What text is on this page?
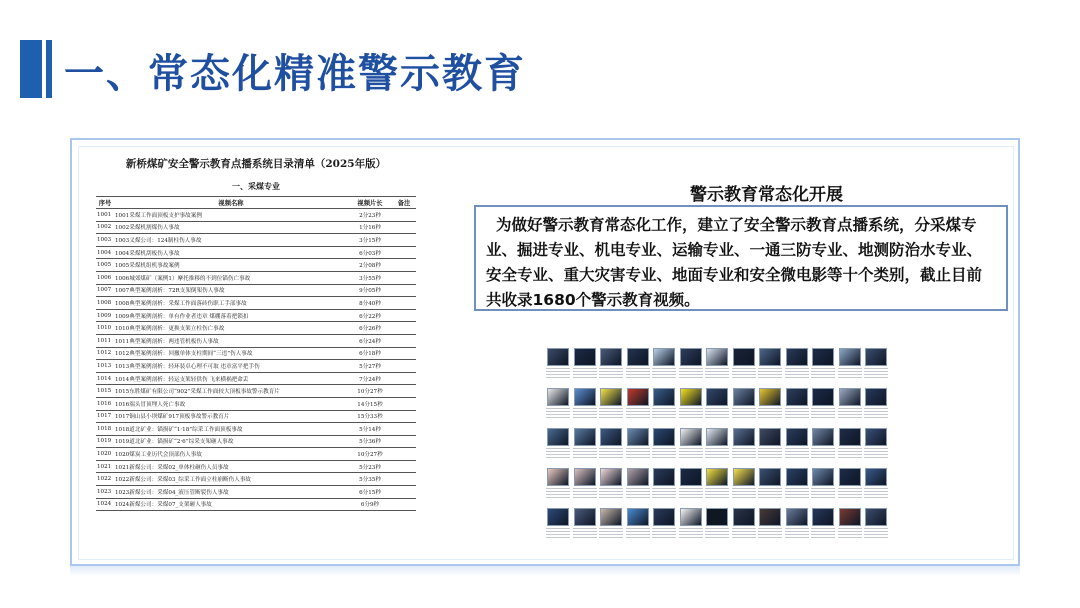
一、常态化精准警示教育
新桥煤矿安全警示教育点播系统目录清单（2025年版）
一、采煤专业
序号	视频名称	视频片长	备注
1001	1001采煤工作面顶板支护事故案例	2分23秒	
1002	1002采煤机割煤伤人事故	1分16秒	
1003	1003义煤公司：124制柱伤人事故	3分15秒	
1004	1004采煤机刮板伤人事故	6分03秒	
1005	1005采煤机组机事故案例	2分08秒	
1006	1006城郊煤矿（案例1）摩托推移的不到位锚伤亡事故	3分55秒	
1007	1007典型案例剖析：72R支架倒架伤人事故	9分05秒	
1008	1008典型案例剖析：采煤工作面落砖伤职工手部事故	8分40秒	
1009	1009典型案例剖析：单有作业者违章 煤棚落着把锁扣	6分22秒	
1010	1010典型案例剖析：更换支架立柱伤亡事故	6分26秒	
1011	1011典型案例剖析：两违管机板伤人事故	6分24秒	
1012	1012典型案例剖析：回撤单体支柱期间“三违”伤人事故	6分18秒	
1013	1013典型案例剖析：轻环装卓心理不可取 违章富平把手伤	5分27秒	
1014	1014典型案例剖析：轻运支架轻供伤 飞来横祸把命丢	7分24秒	
1015	1015东胜煤矿有限公司“902”采煤工作面较大顶板事故警示教育片	10分27秒	
1016	1016端头冒顶埋人死亡事故	14分15秒	
1017	1017铜山县小坝煤矿917顶板事故警示教育片	15分33秒	
1018	1018道北矿业：锚损矿“1·18”综采工作面顶板事故	5分14秒	
1019	1019道北矿业：锚损矿“2·6”综采支架砸人事故	5分36秒	
1020	1020煤炭工业历代会顶部伤人事故	10分27秒	
1021	1021新煤公司：采煤02_单体柱砸伤人员事故	5分23秒	
1022	1022新煤公司：采煤03_综采工作面立柱崩断伤人事故	5分35秒	
1023	1023新煤公司：采煤04_液压管断裂伤人事故	6分15秒	
1024	1024新煤公司：采煤07_支架砸人事故	6分9秒	
警示教育常态化开展

为做好警示教育常态化工作，建立了安全警示教育点播系统，分采煤专业、掘进专业、机电专业、运输专业、一通三防专业、地测防治水专业、安全专业、重大灾害专业、地面专业和安全微电影等十个类别，截止目前共收录1680个警示教育视频。
